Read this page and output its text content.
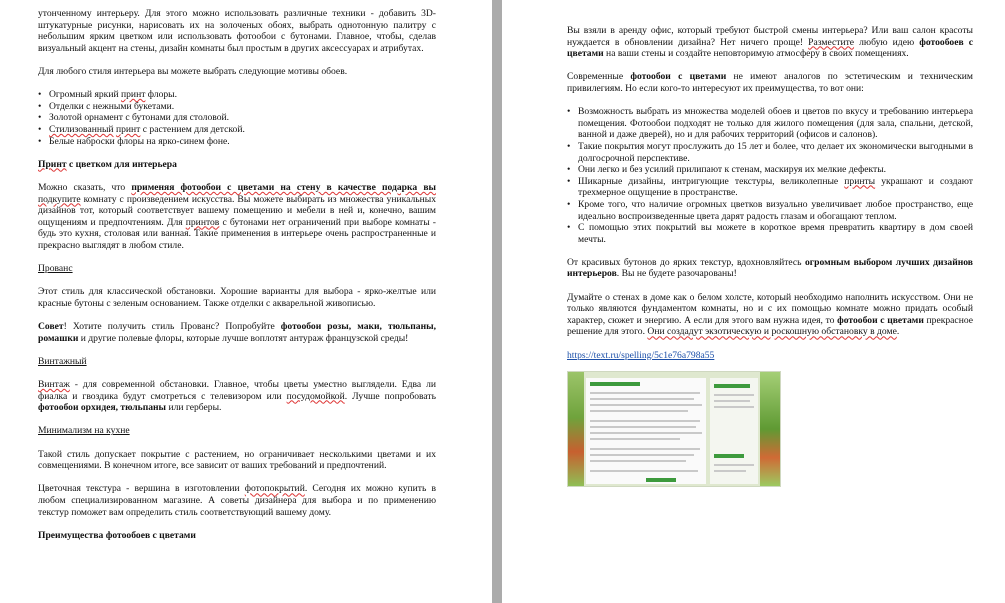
утонченному интерьеру. Для этого можно использовать различные техники - добавить 3D-штукатурные рисунки, нарисовать их на золоченых обоях, выбрать однотонную палитру с небольшим ярким цветком или использовать фотообои с бутонами. Главное, чтобы, сделав визуальный акцент на стены, дизайн комнаты был простым в других аксессуарах и атрибутах.

Для любого стиля интерьера вы можете выбрать следующие мотивы обоев.

• Огромный яркий принт флоры.
• Отделки с нежными букетами.
• Золотой орнамент с бутонами для столовой.
• Стилизованный принт с растением для детской.
• Белые наброски флоры на ярко-синем фоне.
Принт с цветком для интерьера

Можно сказать, что применяя фотообои с цветами на стену в качестве подарка вы подкупите комнату с произведением искусства. Вы можете выбирать из множества уникальных дизайнов тот, который соответствует вашему помещению и мебели в ней и, конечно, вашим ощущениям и предпочтениям. Для принтов с бутонами нет ограничений при выборе комнаты - будь это кухня, столовая или ванная. Такие применения в интерьере очень распространенные и прекрасно выглядят в любом стиле.

Прованс

Этот стиль для классической обстановки. Хорошие варианты для выбора - ярко-желтые или красные бутоны с зеленым основанием. Также отделки с акварельной живописью.

Совет! Хотите получить стиль Прованс? Попробуйте фотообои розы, маки, тюльпаны, ромашки и другие полевые флоры, которые лучше воплотят антураж французской среды!

Винтажный

Винтаж - для современной обстановки. Главное, чтобы цветы уместно выглядели. Едва ли фиалка и гвоздика будут смотреться с телевизором или посудомойкой. Лучше попробовать фотообои орхидея, тюльпаны или герберы.

Минимализм на кухне

Такой стиль допускает покрытие с растением, но ограничивает несколькими цветами и их совмещениями. В конечном итоге, все зависит от ваших требований и предпочтений.

Цветочная текстура - вершина в изготовлении фотопокрытий. Сегодня их можно купить в любом специализированном магазине. А советы дизайнера для выбора и по применению текстур поможет вам определить стиль соответствующий вашему дому.

Преимущества фотообоев с цветами

Вы взяли в аренду офис, который требуют быстрой смены интерьера? Или ваш салон красоты нуждается в обновлении дизайна? Нет ничего проще! Разместите любую идею фотообоев с цветами на ваши стены и создайте неповторимую атмосферу в своих помещениях.

Современные фотообои с цветами не имеют аналогов по эстетическим и техническим привилегиям. Но если кого-то интересуют их преимущества, то вот они:

• Возможность выбрать из множества моделей обоев и цветов по вкусу и требованию интерьера помещения. Фотообои подходят не только для жилого помещения (для зала, спальни, детской, ванной и даже дверей), но и для рабочих территорий (офисов и салонов).
• Такие покрытия могут прослужить до 15 лет и более, что делает их экономически выгодными в долгосрочной перспективе.
• Они легко и без усилий прилипают к стенам, маскируя их мелкие дефекты.
• Шикарные дизайны, интригующие текстуры, великолепные принты украшают и создают трехмерное ощущение в пространстве.
• Кроме того, что наличие огромных цветков визуально увеличивает любое пространство, еще идеально воспроизведенные цвета дарят радость глазам и обогащают теплом.
• С помощью этих покрытий вы можете в короткое время превратить квартиру в дом своей мечты.

От красивых бутонов до ярких текстур, вдохновляйтесь огромным выбором лучших дизайнов интерьеров. Вы не будете разочарованы!

Думайте о стенах в доме как о белом холсте, который необходимо наполнить искусством. Они не только являются фундаментом комнаты, но и с их помощью комнате можно придать особый характер, сюжет и энергию. А если для этого вам нужна идея, то фотообои с цветами прекрасное решение для этого. Они создадут экзотическую и роскошную обстановку в доме.

https://text.ru/spelling/5c1e76a798a55
